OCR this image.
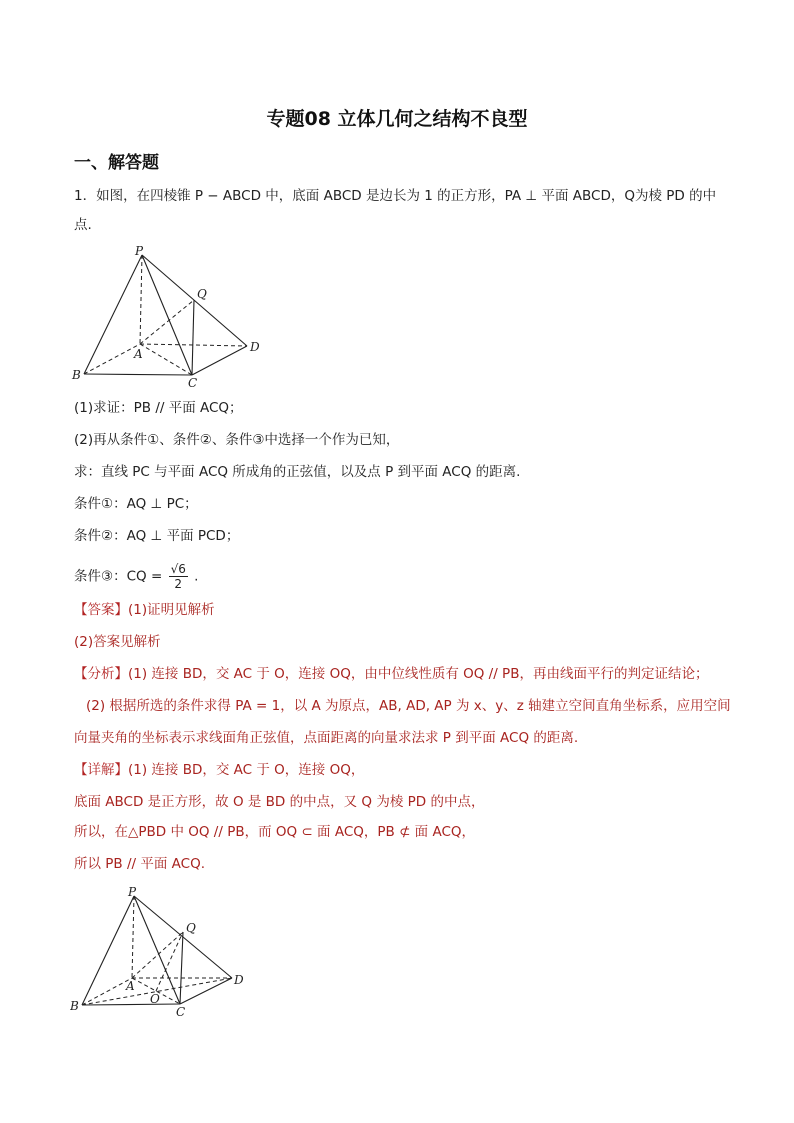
专题08 立体几何之结构不良型
一、解答题
1．如图，在四棱锥 P − ABCD 中，底面 ABCD 是边长为 1 的正方形，PA ⊥ 平面 ABCD，Q为棱 PD 的中
点.
P
Q
A
B
C
D
(1)求证：PB // 平面 ACQ；
(2)再从条件①、条件②、条件③中选择一个作为已知，
求：直线 PC 与平面 ACQ 所成角的正弦值，以及点 P 到平面 ACQ 的距离.
条件①：AQ ⊥ PC；
条件②：AQ ⊥ 平面 PCD；
条件③：CQ = $\frac{√6}{2}$ .
【答案】(1)证明见解析
(2)答案见解析
【分析】(1) 连接 BD，交 AC 于 O，连接 OQ，由中位线性质有 OQ // PB，再由线面平行的判定证结论；
(2) 根据所选的条件求得 PA = 1，以 A 为原点，AB, AD, AP 为 x、y、z 轴建立空间直角坐标系，应用空间
向量夹角的坐标表示求线面角正弦值，点面距离的向量求法求 P 到平面 ACQ 的距离.
【详解】(1) 连接 BD，交 AC 于 O，连接 OQ，
底面 ABCD 是正方形，故 O 是 BD 的中点，又 Q 为棱 PD 的中点，
所以，在△PBD 中 OQ // PB，而 OQ ⊂ 面 ACQ，PB ⊄ 面 ACQ，
所以 PB // 平面 ACQ.
P
Q
A
B	C
D
O
